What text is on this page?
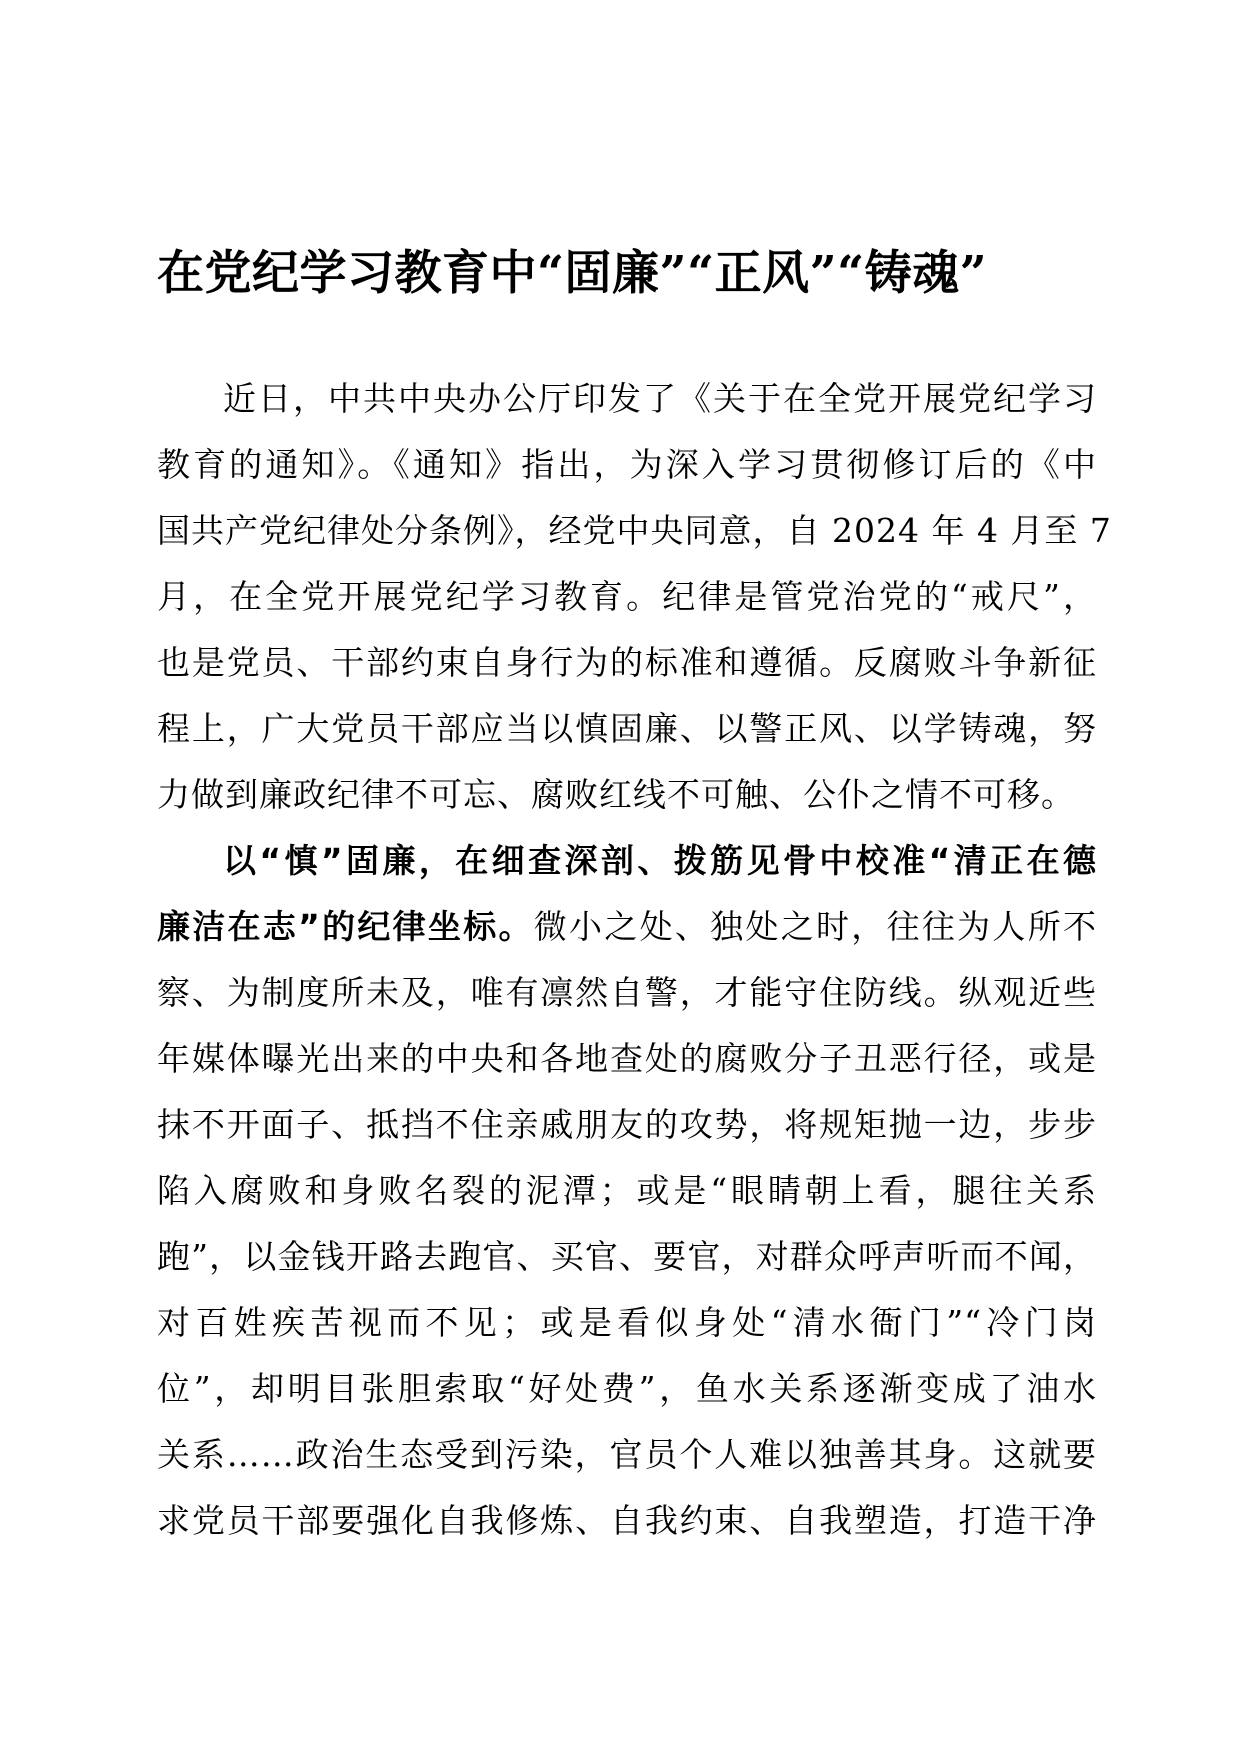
在党纪学习教育中“固廉”“正风”“铸魂”

近日，中共中央办公厅印发了《关于在全党开展党纪学习

教育的通知》。《通知》指出，为深入学习贯彻修订后的《中

国共产党纪律处分条例》，经党中央同意，自 2024 年 4 月至 7

月，在全党开展党纪学习教育。纪律是管党治党的“戒尺”，

也是党员、干部约束自身行为的标准和遵循。反腐败斗争新征

程上，广大党员干部应当以慎固廉、以警正风、以学铸魂，努

力做到廉政纪律不可忘、腐败红线不可触、公仆之情不可移。

以“慎”固廉，在细查深剖、拨筋见骨中校准“清正在德

廉洁在志”的纪律坐标。微小之处、独处之时，往往为人所不

察、为制度所未及，唯有凛然自警，才能守住防线。纵观近些

年媒体曝光出来的中央和各地查处的腐败分子丑恶行径，或是

抹不开面子、抵挡不住亲戚朋友的攻势，将规矩抛一边，步步

陷入腐败和身败名裂的泥潭；或是“眼睛朝上看，腿往关系

跑”，以金钱开路去跑官、买官、要官，对群众呼声听而不闻，

对百姓疾苦视而不见；或是看似身处“清水衙门”“冷门岗

位”，却明目张胆索取“好处费”，鱼水关系逐渐变成了油水

关系……政治生态受到污染，官员个人难以独善其身。这就要

求党员干部要强化自我修炼、自我约束、自我塑造，打造干净
